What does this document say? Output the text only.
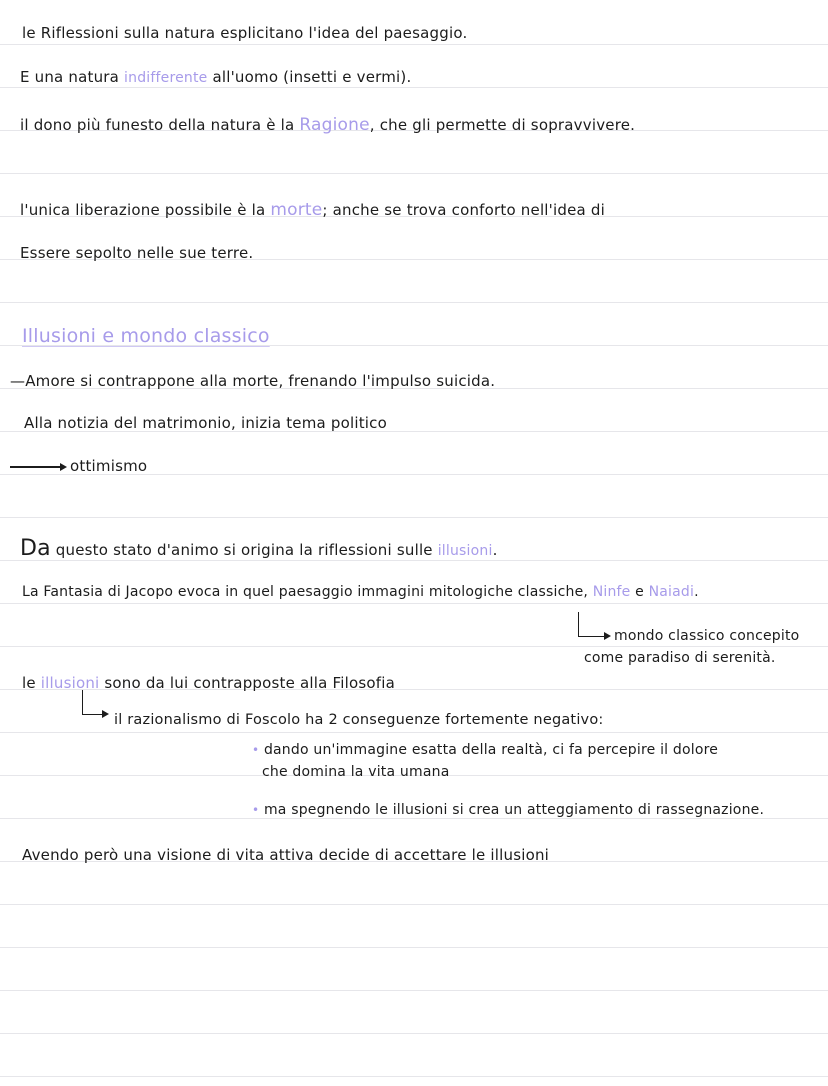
le Riflessioni sulla natura esplicitano l'idea del paesaggio.
E una natura indifferente all'uomo (insetti e vermi).
il dono più funesto della natura è la Ragione, che gli permette di sopravvivere.
l'unica liberazione possibile è la morte; anche se trova conforto nell'idea di
Essere sepolto nelle sue terre.
Illusioni e mondo classico
—Amore si contrappone alla morte, frenando l'impulso suicida.
Alla notizia del matrimonio, inizia tema politico
ottimismo
Da questo stato d'animo si origina la riflessioni sulle illusioni.
La Fantasia di Jacopo evoca in quel paesaggio immagini mitologiche classiche, Ninfe e Naiadi.
mondo classico concepito
come paradiso di serenità.
le illusioni sono da lui contrapposte alla Filosofia
il razionalismo di Foscolo ha 2 conseguenze fortemente negativo:
• dando un'immagine esatta della realtà, ci fa percepire il dolore
che domina la vita umana
• ma spegnendo le illusioni si crea un atteggiamento di rassegnazione.
Avendo però una visione di vita attiva decide di accettare le illusioni
